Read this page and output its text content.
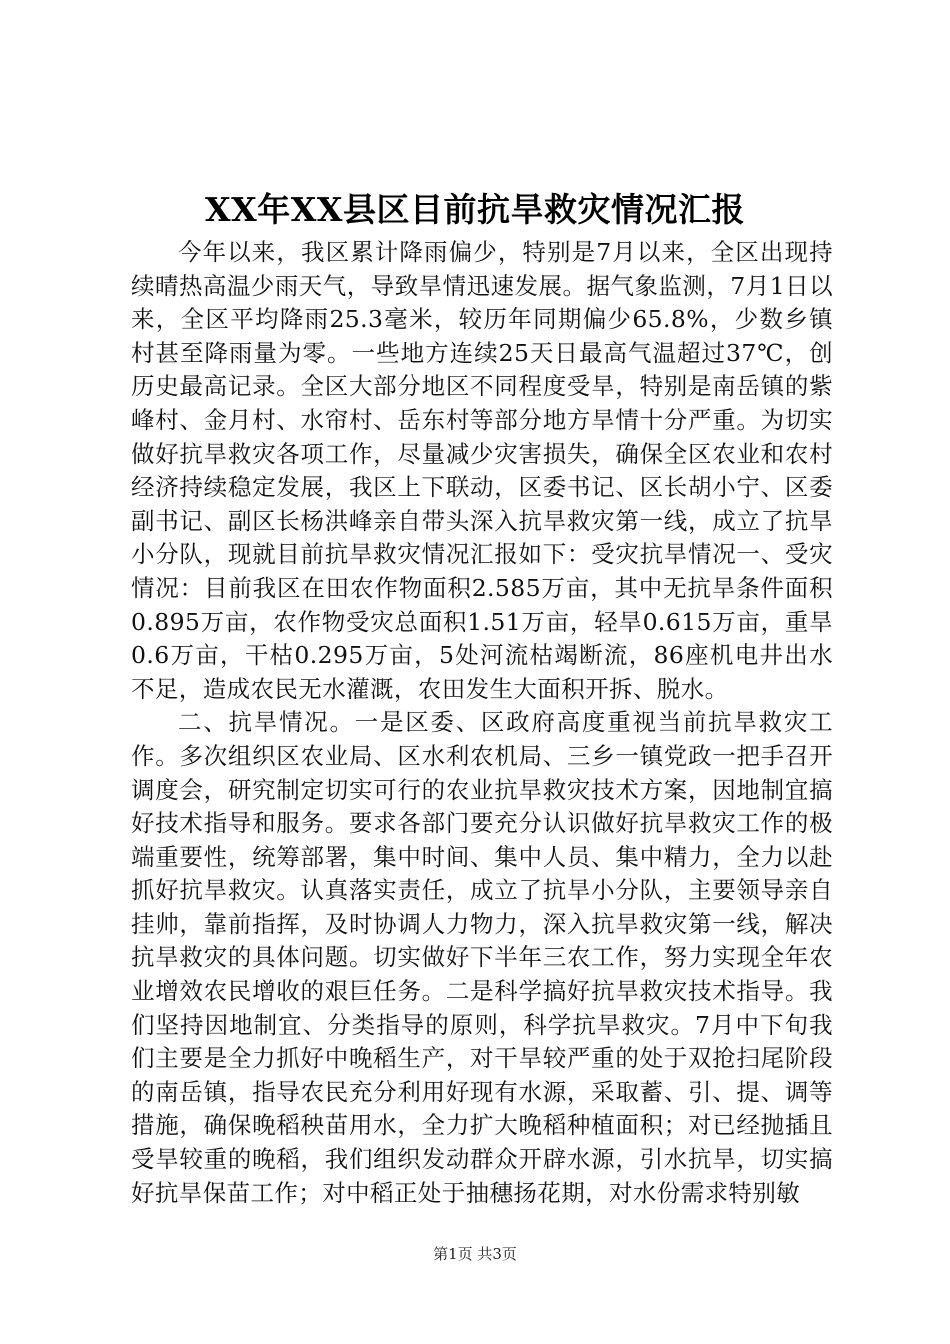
XX年XX县区目前抗旱救灾情况汇报

今年以来，我区累计降雨偏少，特别是7月以来，全区出现持续晴热高温少雨天气，导致旱情迅速发展。据气象监测，7月1日以来，全区平均降雨25.3毫米，较历年同期偏少65.8%，少数乡镇村甚至降雨量为零。一些地方连续25天日最高气温超过37℃，创历史最高记录。全区大部分地区不同程度受旱，特别是南岳镇的紫峰村、金月村、水帘村、岳东村等部分地方旱情十分严重。为切实做好抗旱救灾各项工作，尽量减少灾害损失，确保全区农业和农村经济持续稳定发展，我区上下联动，区委书记、区长胡小宁、区委副书记、副区长杨洪峰亲自带头深入抗旱救灾第一线，成立了抗旱小分队，现就目前抗旱救灾情况汇报如下：受灾抗旱情况一、受灾情况：目前我区在田农作物面积2.585万亩，其中无抗旱条件面积0.895万亩，农作物受灾总面积1.51万亩，轻旱0.615万亩，重旱0.6万亩，干枯0.295万亩，5处河流枯竭断流，86座机电井出水不足，造成农民无水灌溉，农田发生大面积开拆、脱水。

二、抗旱情况。一是区委、区政府高度重视当前抗旱救灾工作。多次组织区农业局、区水利农机局、三乡一镇党政一把手召开调度会，研究制定切实可行的农业抗旱救灾技术方案，因地制宜搞好技术指导和服务。要求各部门要充分认识做好抗旱救灾工作的极端重要性，统筹部署，集中时间、集中人员、集中精力，全力以赴抓好抗旱救灾。认真落实责任，成立了抗旱小分队，主要领导亲自挂帅，靠前指挥，及时协调人力物力，深入抗旱救灾第一线，解决抗旱救灾的具体问题。切实做好下半年三农工作，努力实现全年农业增效农民增收的艰巨任务。二是科学搞好抗旱救灾技术指导。我们坚持因地制宜、分类指导的原则，科学抗旱救灾。7月中下旬我们主要是全力抓好中晚稻生产，对干旱较严重的处于双抢扫尾阶段的南岳镇，指导农民充分利用好现有水源，采取蓄、引、提、调等措施，确保晚稻秧苗用水，全力扩大晚稻种植面积；对已经抛插且受旱较重的晚稻，我们组织发动群众开辟水源，引水抗旱，切实搞好抗旱保苗工作；对中稻正处于抽穗扬花期，对水份需求特别敏

第1页 共3页
